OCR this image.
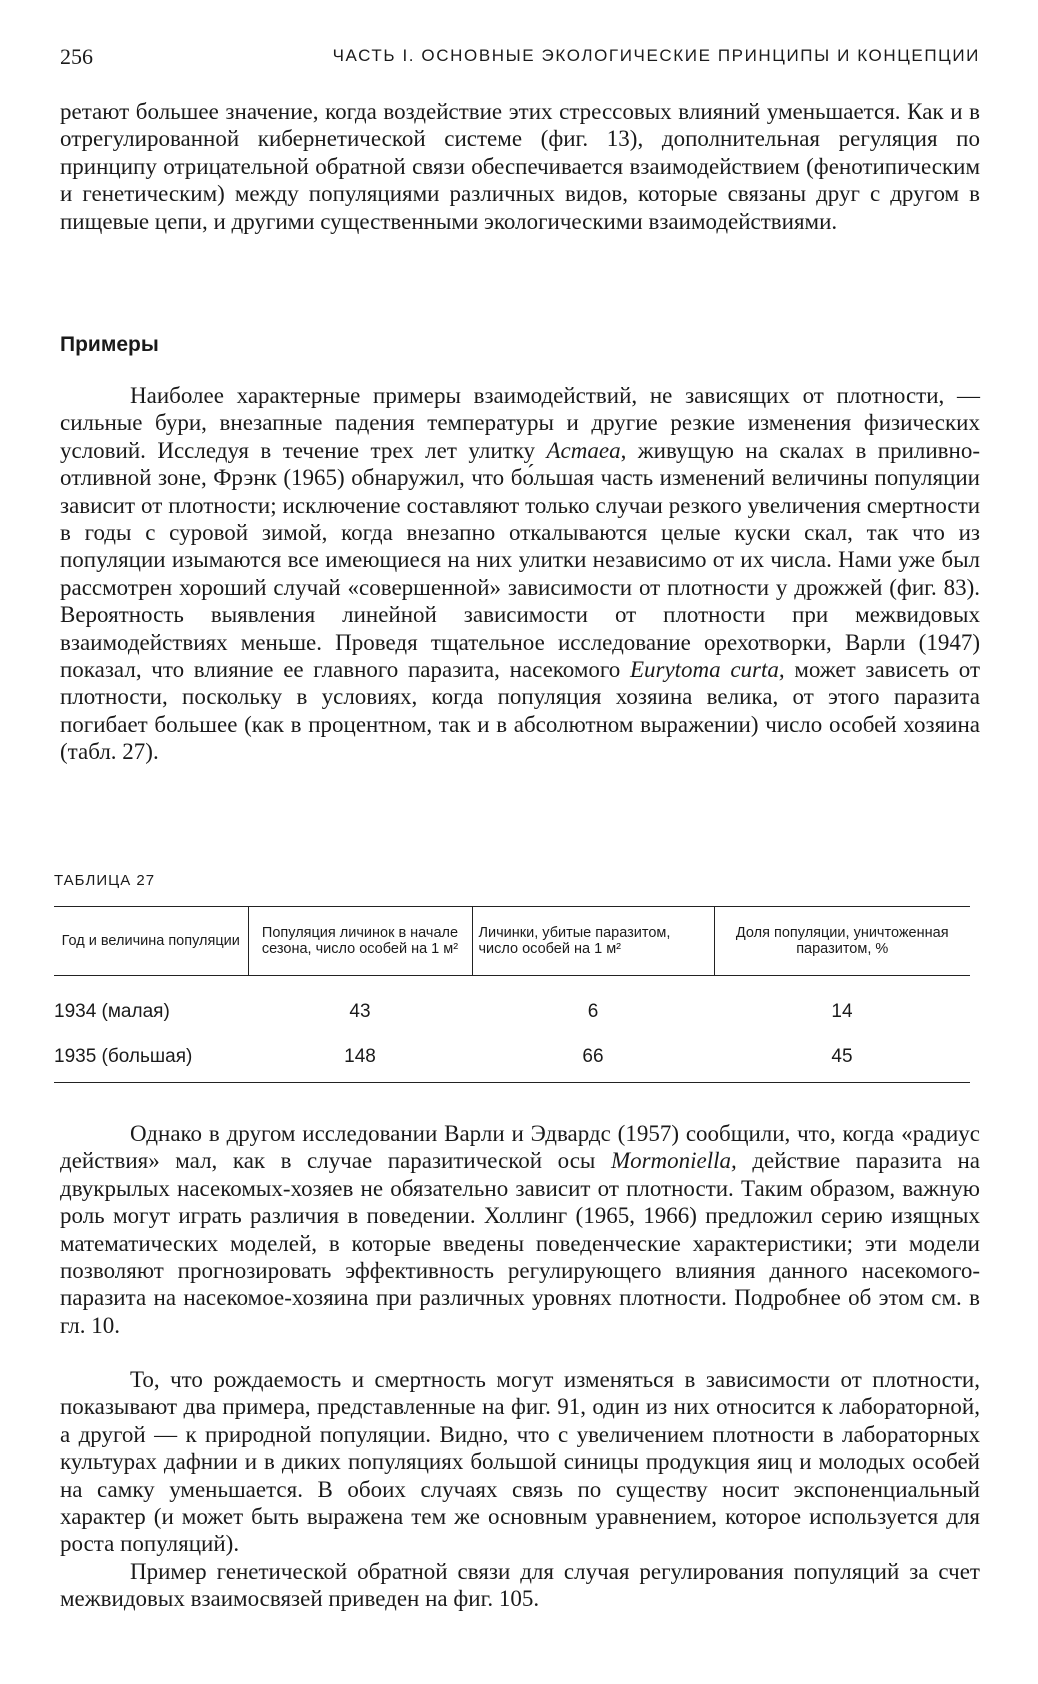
256	ЧАСТЬ I. ОСНОВНЫЕ ЭКОЛОГИЧЕСКИЕ ПРИНЦИПЫ И КОНЦЕПЦИИ

ретают большее значение, когда воздействие этих стрессовых влияний уменьшается. Как и в отрегулированной кибернетической системе (фиг. 13), дополнительная регуляция по принципу отрицательной обратной связи обеспечивается взаимодействием (фенотипическим и генетическим) между популяциями различных видов, которые связаны друг с другом в пищевые цепи, и другими существенными экологическими взаимодействиями.

Примеры

Наиболее характерные примеры взаимодействий, не зависящих от плотности, — сильные бури, внезапные падения температуры и другие резкие изменения физических условий. Исследуя в течение трех лет улитку Acmaea, живущую на скалах в приливно-отливной зоне, Фрэнк (1965) обнаружил, что бо́льшая часть изменений величины популяции зависит от плотности; исключение составляют только случаи резкого увеличения смертности в годы с суровой зимой, когда внезапно откалываются целые куски скал, так что из популяции изымаются все имеющиеся на них улитки независимо от их числа. Нами уже был рассмотрен хороший случай «совершенной» зависимости от плотности у дрожжей (фиг. 83). Вероятность выявления линейной зависимости от плотности при межвидовых взаимодействиях меньше. Проведя тщательное исследование орехотворки, Варли (1947) показал, что влияние ее главного паразита, насекомого Eurytoma curta, может зависеть от плотности, поскольку в условиях, когда популяция хозяина велика, от этого паразита погибает большее (как в процентном, так и в абсолютном выражении) число особей хозяина (табл. 27).

ТАБЛИЦА 27
Год и величина популяции	Популяция личинок в начале сезона, число особей на 1 м²	Личинки, убитые паразитом, число особей на 1 м²	Доля популяции, уничтоженная паразитом, %
1934 (малая)	43	6	14
1935 (большая)	148	66	45

Однако в другом исследовании Варли и Эдвардс (1957) сообщили, что, когда «радиус действия» мал, как в случае паразитической осы Mormoniella, действие паразита на двукрылых насекомых-хозяев не обязательно зависит от плотности. Таким образом, важную роль могут играть различия в поведении. Холлинг (1965, 1966) предложил серию изящных математических моделей, в которые введены поведенческие характеристики; эти модели позволяют прогнозировать эффективность регулирующего влияния данного насекомого-паразита на насекомое-хозяина при различных уровнях плотности. Подробнее об этом см. в гл. 10.

То, что рождаемость и смертность могут изменяться в зависимости от плотности, показывают два примера, представленные на фиг. 91, один из них относится к лабораторной, а другой — к природной популяции. Видно, что с увеличением плотности в лабораторных культурах дафнии и в диких популяциях большой синицы продукция яиц и молодых особей на самку уменьшается. В обоих случаях связь по существу носит экспоненциальный характер (и может быть выражена тем же основным уравнением, которое используется для роста популяций).

Пример генетической обратной связи для случая регулирования популяций за счет межвидовых взаимосвязей приведен на фиг. 105.
